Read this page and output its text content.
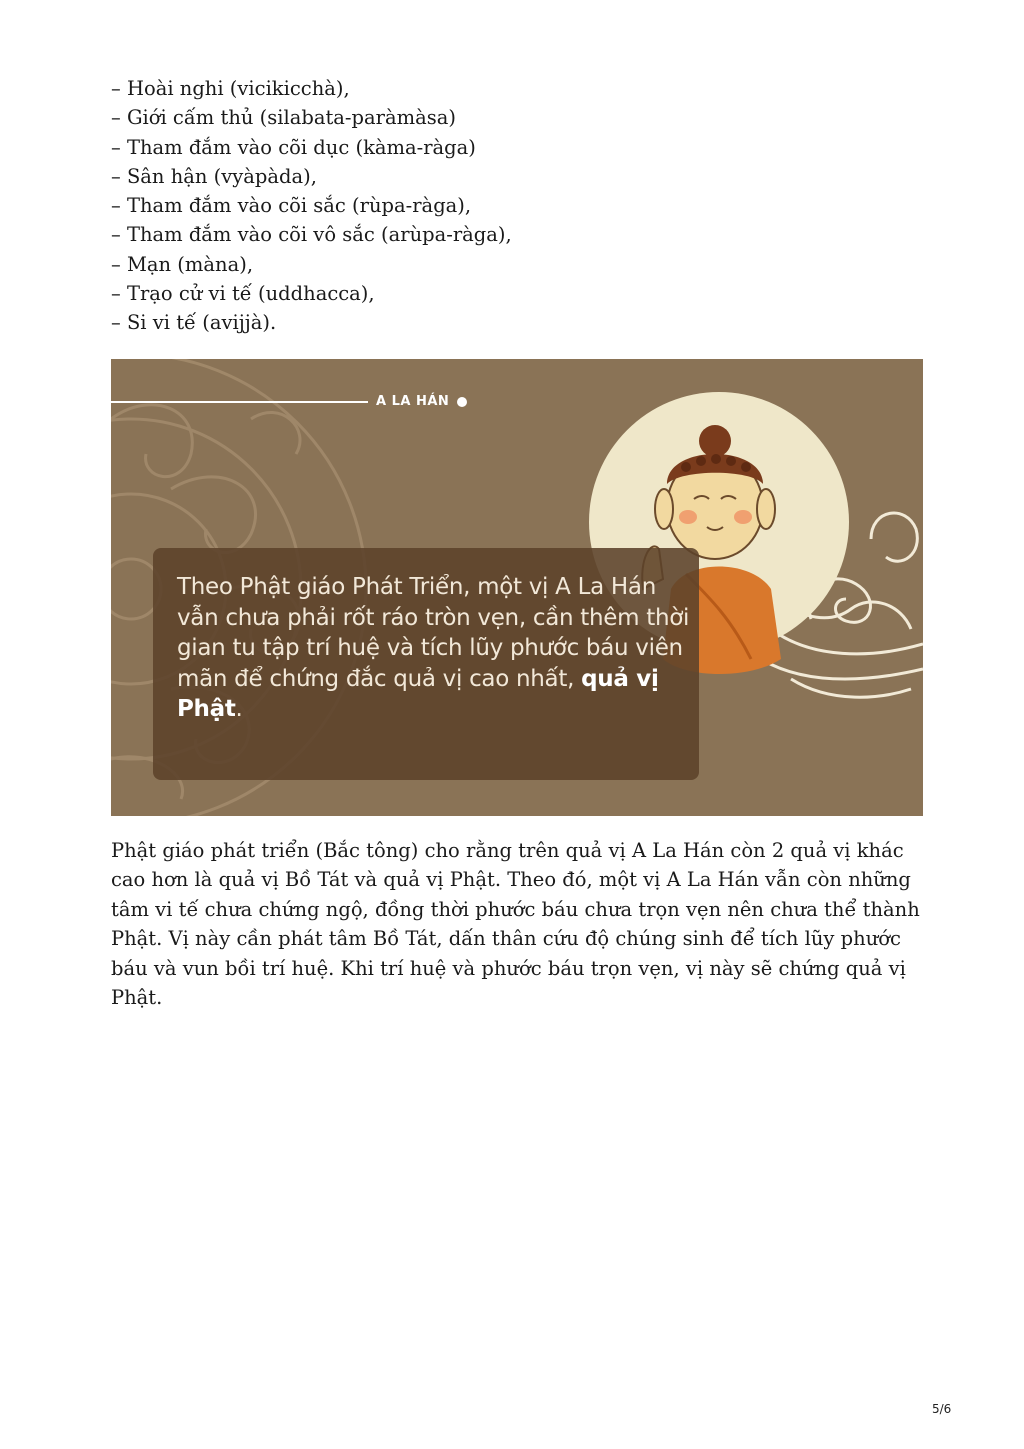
– Hoài nghi (vicikicchà),
– Giới cấm thủ (silabata-paràmàsa)
– Tham đắm vào cõi dục (kàma-ràga)
– Sân hận (vyàpàda),
– Tham đắm vào cõi sắc (rùpa-ràga),
– Tham đắm vào cõi vô sắc (arùpa-ràga),
– Mạn (màna),
– Trạo cử vi tế (uddhacca),
– Si vi tế (avijjà).
A LA HÁN

Theo Phật giáo Phát Triển, một vị A La Hán vẫn chưa phải rốt ráo tròn vẹn, cần thêm thời gian tu tập trí huệ và tích lũy phước báu viên mãn để chứng đắc quả vị cao nhất, quả vị Phật.

Phật giáo phát triển (Bắc tông) cho rằng trên quả vị A La Hán còn 2 quả vị khác cao hơn là quả vị Bồ Tát và quả vị Phật. Theo đó, một vị A La Hán vẫn còn những tâm vi tế chưa chứng ngộ, đồng thời phước báu chưa trọn vẹn nên chưa thể thành Phật. Vị này cần phát tâm Bồ Tát, dấn thân cứu độ chúng sinh để tích lũy phước báu và vun bồi trí huệ. Khi trí huệ và phước báu trọn vẹn, vị này sẽ chứng quả vị Phật.

5/6
